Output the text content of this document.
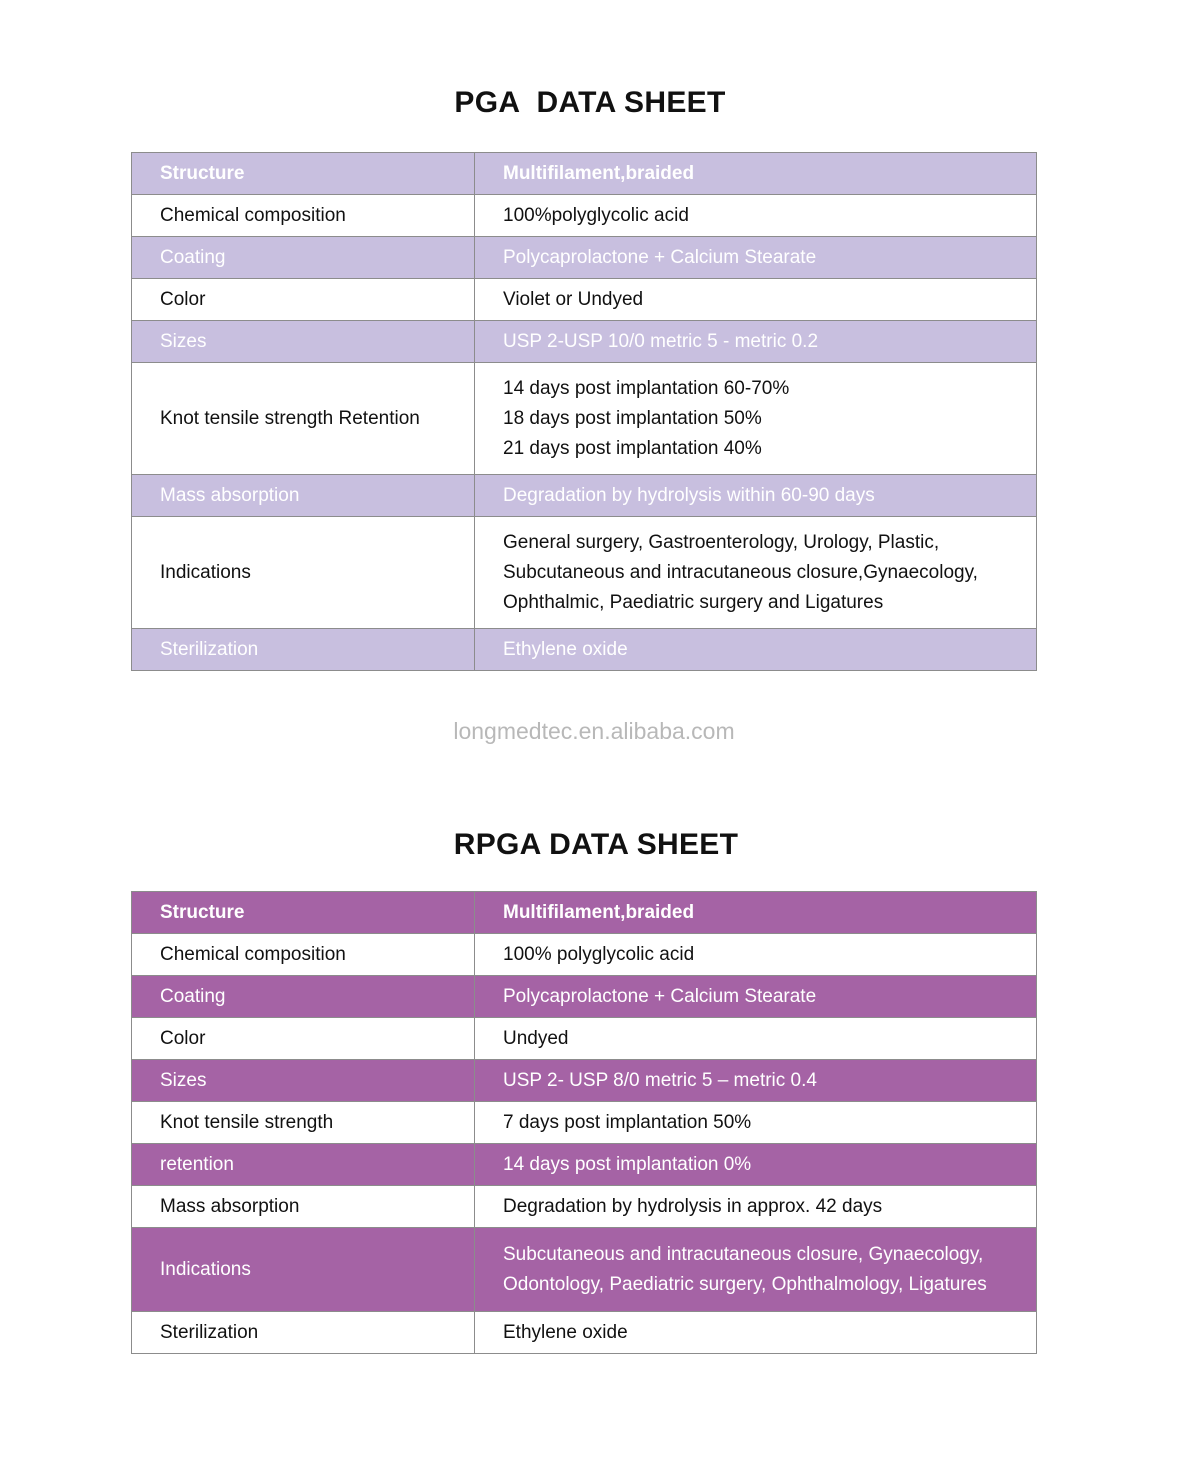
PGA  DATA SHEET
Structure	Multifilament,braided
Chemical composition	100%polyglycolic acid
Coating	Polycaprolactone + Calcium Stearate
Color	Violet or Undyed
Sizes	USP 2-USP 10/0 metric 5 - metric 0.2
Knot tensile strength Retention	14 days post implantation 60-70%
18 days post implantation 50%
21 days post implantation 40%

Mass absorption	Degradation by hydrolysis within 60-90 days
Indications	General surgery, Gastroenterology, Urology, Plastic,
Subcutaneous and intracutaneous closure,Gynaecology,
Ophthalmic, Paediatric surgery and Ligatures

Sterilization	Ethylene oxide
longmedtec.en.alibaba.com
RPGA DATA SHEET
Structure	Multifilament,braided
Chemical composition	100% polyglycolic acid
Coating	Polycaprolactone + Calcium Stearate
Color	Undyed
Sizes	USP 2- USP 8/0 metric 5 – metric 0.4
Knot tensile strength	7 days post implantation 50%
retention	14 days post implantation 0%
Mass absorption	Degradation by hydrolysis in approx. 42 days
Indications	Subcutaneous and intracutaneous closure, Gynaecology,
Odontology, Paediatric surgery, Ophthalmology, Ligatures

Sterilization	Ethylene oxide
